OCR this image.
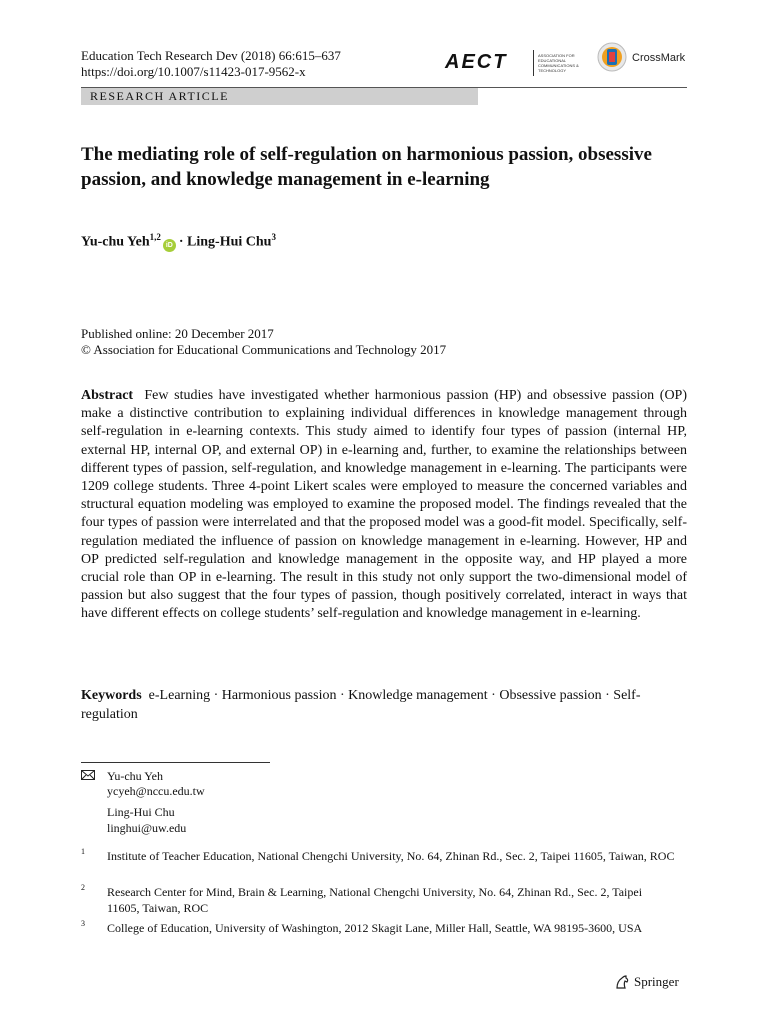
Education Tech Research Dev (2018) 66:615–637
https://doi.org/10.1007/s11423-017-9562-x	AECT	ASSOCIATION FOR EDUCATIONAL COMMUNICATIONS & TECHNOLOGY
CrossMark
RESEARCH ARTICLE
The mediating role of self-regulation on harmonious passion, obsessive passion, and knowledge management in e-learning
Yu-chu Yeh$^{1,2}$iD · Ling-Hui Chu$^3$
Published online: 20 December 2017
© Association for Educational Communications and Technology 2017
Abstract Few studies have investigated whether harmonious passion (HP) and obsessive passion (OP) make a distinctive contribution to explaining individual differences in knowledge management through self-regulation in e-learning contexts. This study aimed to identify four types of passion (internal HP, external HP, internal OP, and external OP) in e-learning and, further, to examine the relationships between different types of passion, self-regulation, and knowledge management in e-learning. The participants were 1209 college students. Three 4-point Likert scales were employed to measure the concerned variables and structural equation modeling was employed to examine the proposed model. The findings revealed that the four types of passion were interrelated and that the proposed model was a good-fit model. Specifically, self-regulation mediated the influence of passion on knowledge management in e-learning. However, HP and OP predicted self-regulation and knowledge management in the opposite way, and HP played a more crucial role than OP in e-learning. The result in this study not only support the two-dimensional model of passion but also suggest that the four types of passion, though positively correlated, interact in ways that have different effects on college students’ self-regulation and knowledge management in e-learning.
Keywords e-Learning · Harmonious passion · Knowledge management · Obsessive passion · Self-regulation
Yu-chu Yeh
ycyeh@nccu.edu.tw
Ling-Hui Chu
linghui@uw.edu
1 Institute of Teacher Education, National Chengchi University, No. 64, Zhinan Rd., Sec. 2, Taipei 11605, Taiwan, ROC
2 Research Center for Mind, Brain & Learning, National Chengchi University, No. 64, Zhinan Rd., Sec. 2, Taipei 11605, Taiwan, ROC
3 College of Education, University of Washington, 2012 Skagit Lane, Miller Hall, Seattle, WA 98195-3600, USA
Springer
